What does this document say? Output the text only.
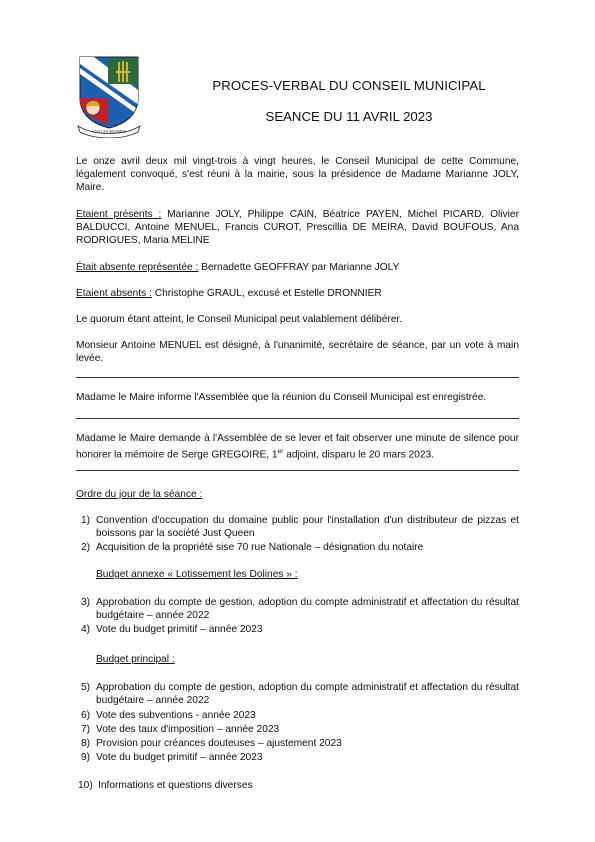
SAN LES MOSMES
PROCES-VERBAL DU CONSEIL MUNICIPAL
SEANCE DU 11 AVRIL 2023
Le onze avril deux mil vingt-trois à vingt heures, le Conseil Municipal de cette Commune, légalement convoqué, s'est réuni à la mairie, sous la présidence de Madame Marianne JOLY, Maire.
Etaient présents : Marianne JOLY, Philippe CAIN, Béatrice PAYEN, Michel PICARD, Olivier BALDUCCI, Antoine MENUEL, Francis CUROT, Prescillia DE MEIRA, David BOUFOUS, Ana RODRIGUES, Maria MELINE
Était absente représentée : Bernadette GEOFFRAY par Marianne JOLY
Etaient absents : Christophe GRAUL, excusé et Estelle DRONNIER
Le quorum étant atteint, le Conseil Municipal peut valablement délibérer.
Monsieur Antoine MENUEL est désigné, à l'unanimité, secrétaire de séance, par un vote à main levée.
Madame le Maire informe l'Assemblée que la réunion du Conseil Municipal est enregistrée.
Madame le Maire demande à l'Assemblée de se lever et fait observer une minute de silence pour honorer la mémoire de Serge GREGOIRE, 1er adjoint, disparu le 20 mars 2023.
Ordre du jour de la séance :
1) Convention d'occupation du domaine public pour l'installation d'un distributeur de pizzas et boissons par la société Just Queen
2) Acquisition de la propriété sise 70 rue Nationale – désignation du notaire
Budget annexe « Lotissement les Dolines » :
3) Approbation du compte de gestion, adoption du compte administratif et affectation du résultat budgétaire – année 2022
4) Vote du budget primitif – année 2023
Budget principal :
5) Approbation du compte de gestion, adoption du compte administratif et affectation du résultat budgétaire – année 2022
6) Vote des subventions - année 2023
7) Vote des taux d'imposition – année 2023
8) Provision pour créances douteuses – ajustement 2023
9) Vote du budget primitif – année 2023
10) Informations et questions diverses
